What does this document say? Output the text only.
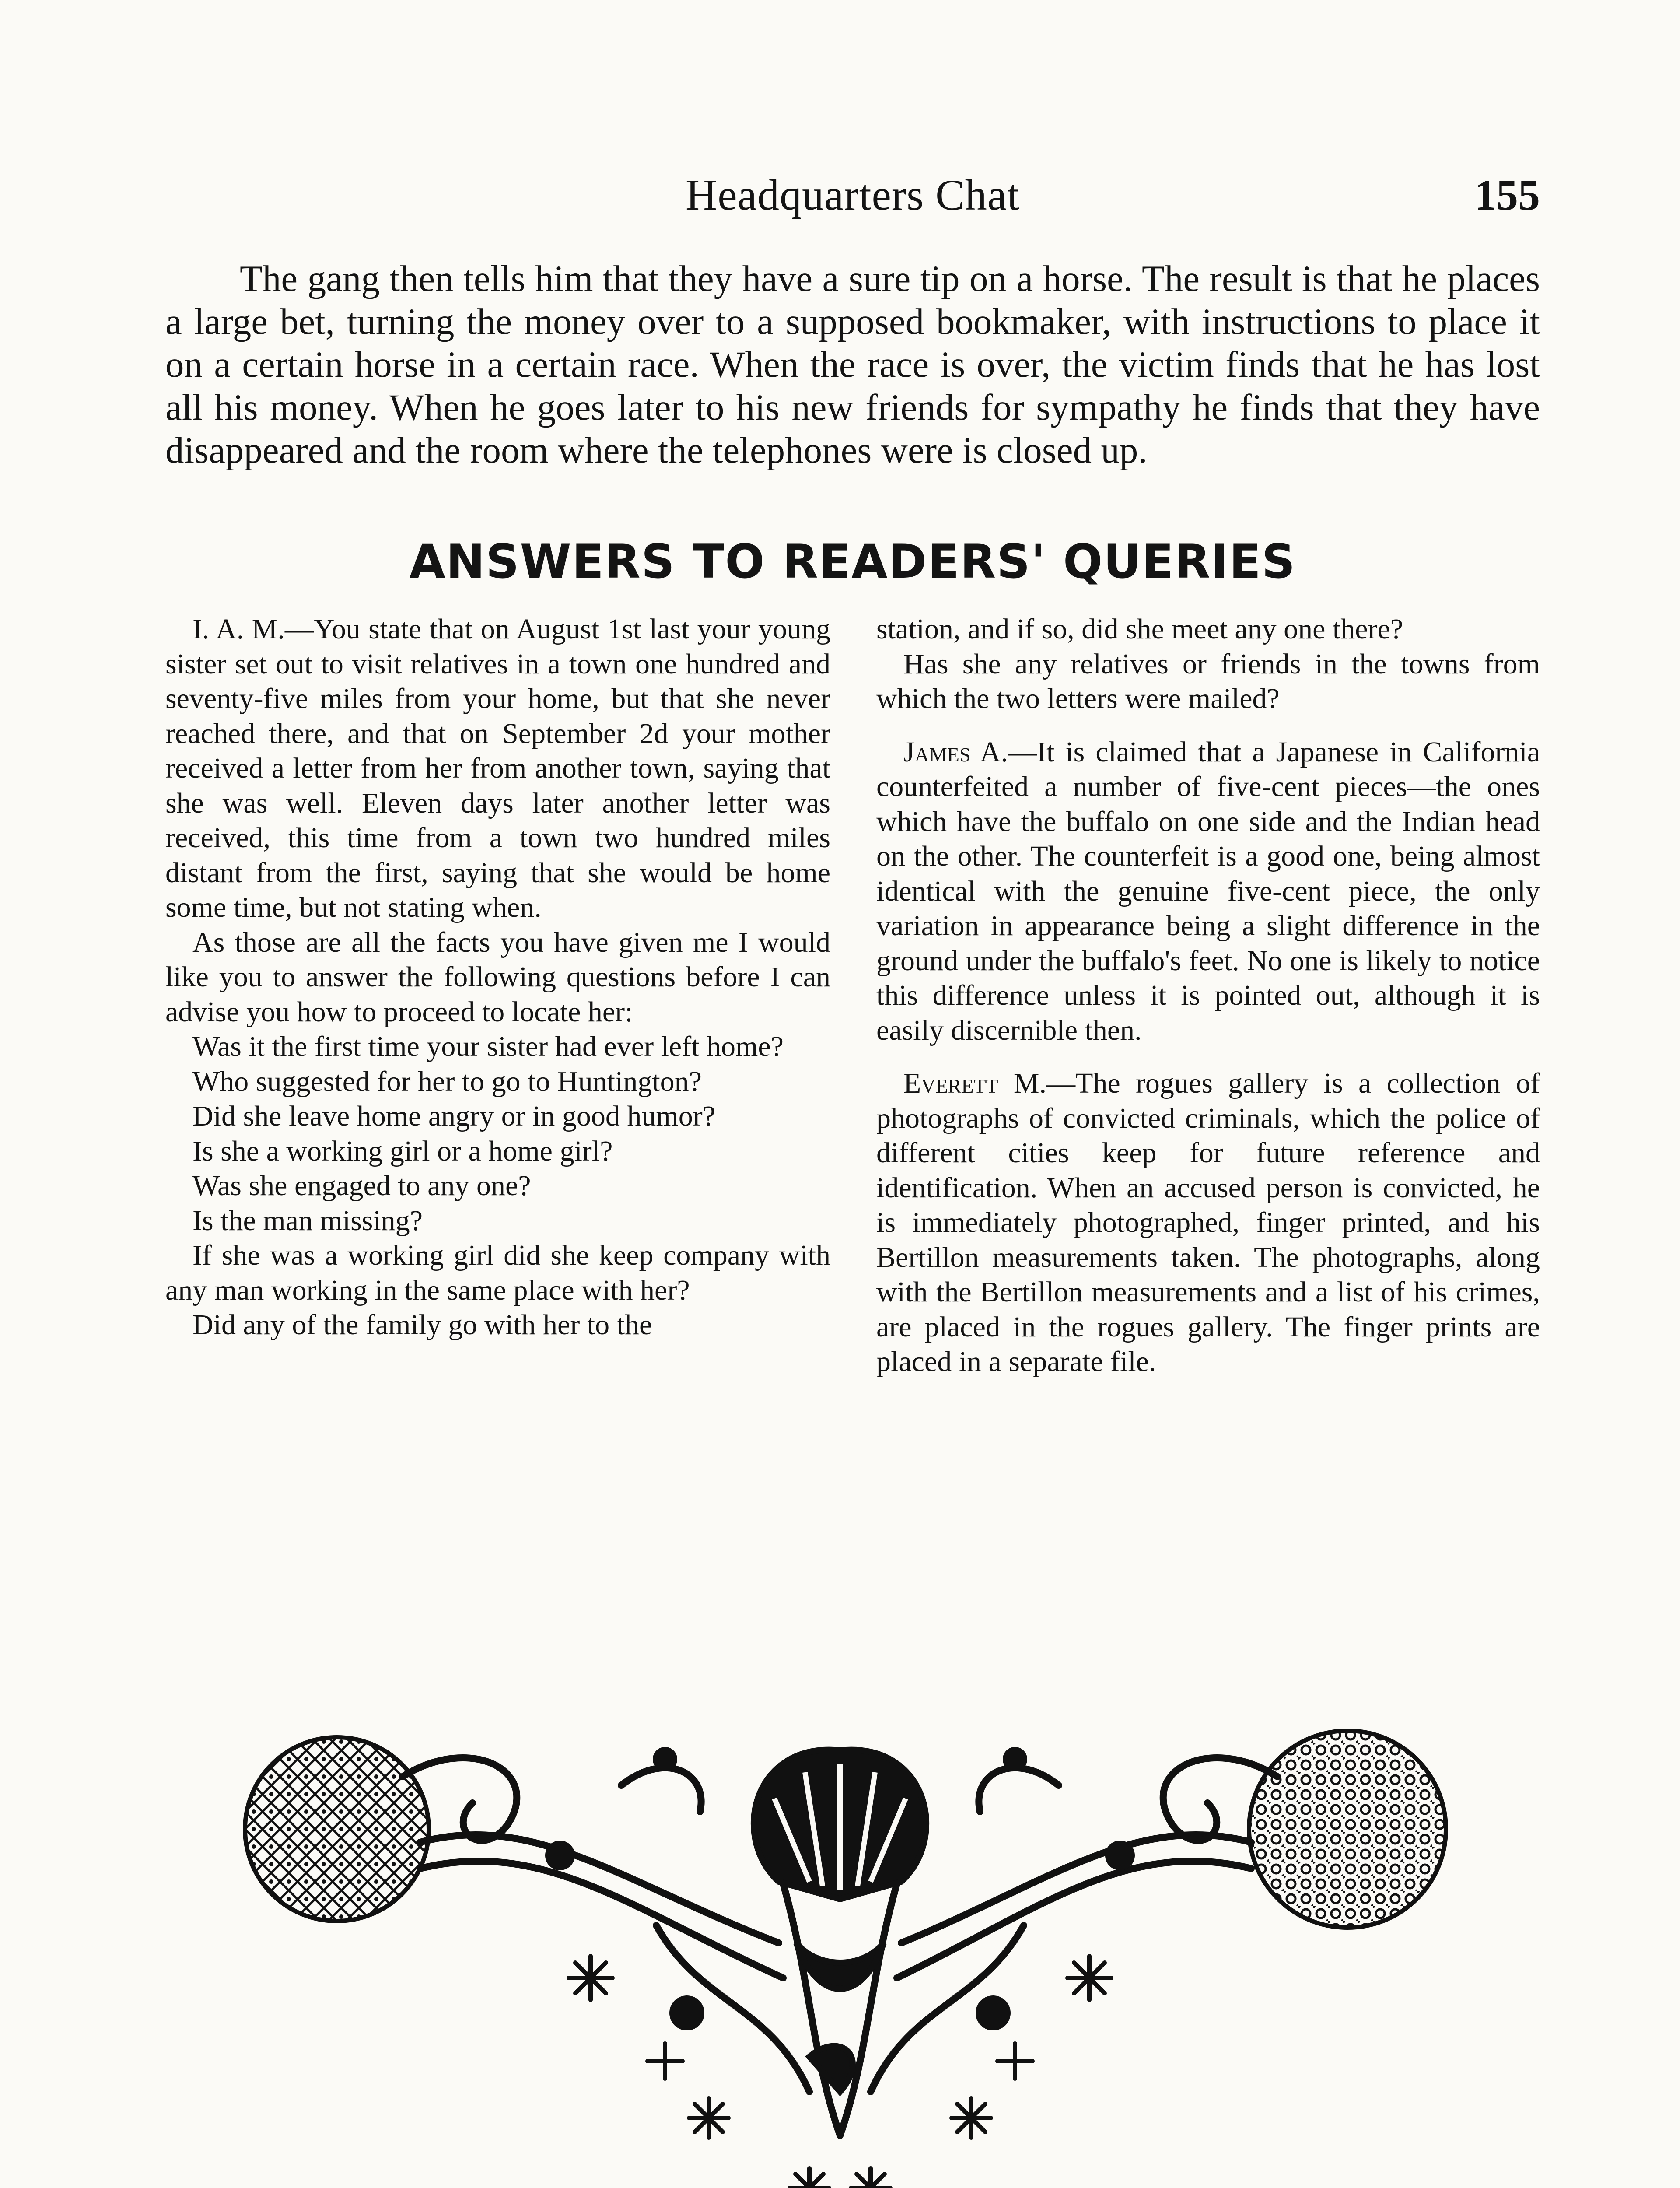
Headquarters Chat	155

The gang then tells him that they have a sure tip on a horse. The result is that he places a large bet, turning the money over to a supposed bookmaker, with instructions to place it on a certain horse in a certain race. When the race is over, the victim finds that he has lost all his money. When he goes later to his new friends for sympathy he finds that they have disappeared and the room where the telephones were is closed up.

ANSWERS TO READERS' QUERIES

I. A. M.—You state that on August 1st last your young sister set out to visit relatives in a town one hundred and seventy-five miles from your home, but that she never reached there, and that on September 2d your mother received a letter from her from another town, saying that she was well. Eleven days later another letter was received, this time from a town two hundred miles distant from the first, saying that she would be home some time, but not stating when.

As those are all the facts you have given me I would like you to answer the following questions before I can advise you how to proceed to locate her:

Was it the first time your sister had ever left home?

Who suggested for her to go to Huntington?

Did she leave home angry or in good humor?

Is she a working girl or a home girl?

Was she engaged to any one?

Is the man missing?

If she was a working girl did she keep company with any man working in the same place with her?

Did any of the family go with her to the

station, and if so, did she meet any one there?

Has she any relatives or friends in the towns from which the two letters were mailed?

James A.—It is claimed that a Japanese in California counterfeited a number of five-cent pieces—the ones which have the buffalo on one side and the Indian head on the other. The counterfeit is a good one, being almost identical with the genuine five-cent piece, the only variation in appearance being a slight difference in the ground under the buffalo's feet. No one is likely to notice this difference unless it is pointed out, although it is easily discernible then.

Everett M.—The rogues gallery is a collection of photographs of convicted criminals, which the police of different cities keep for future reference and identification. When an accused person is convicted, he is immediately photographed, finger printed, and his Bertillon measurements taken. The photographs, along with the Bertillon measurements and a list of his crimes, are placed in the rogues gallery. The finger prints are placed in a separate file.
